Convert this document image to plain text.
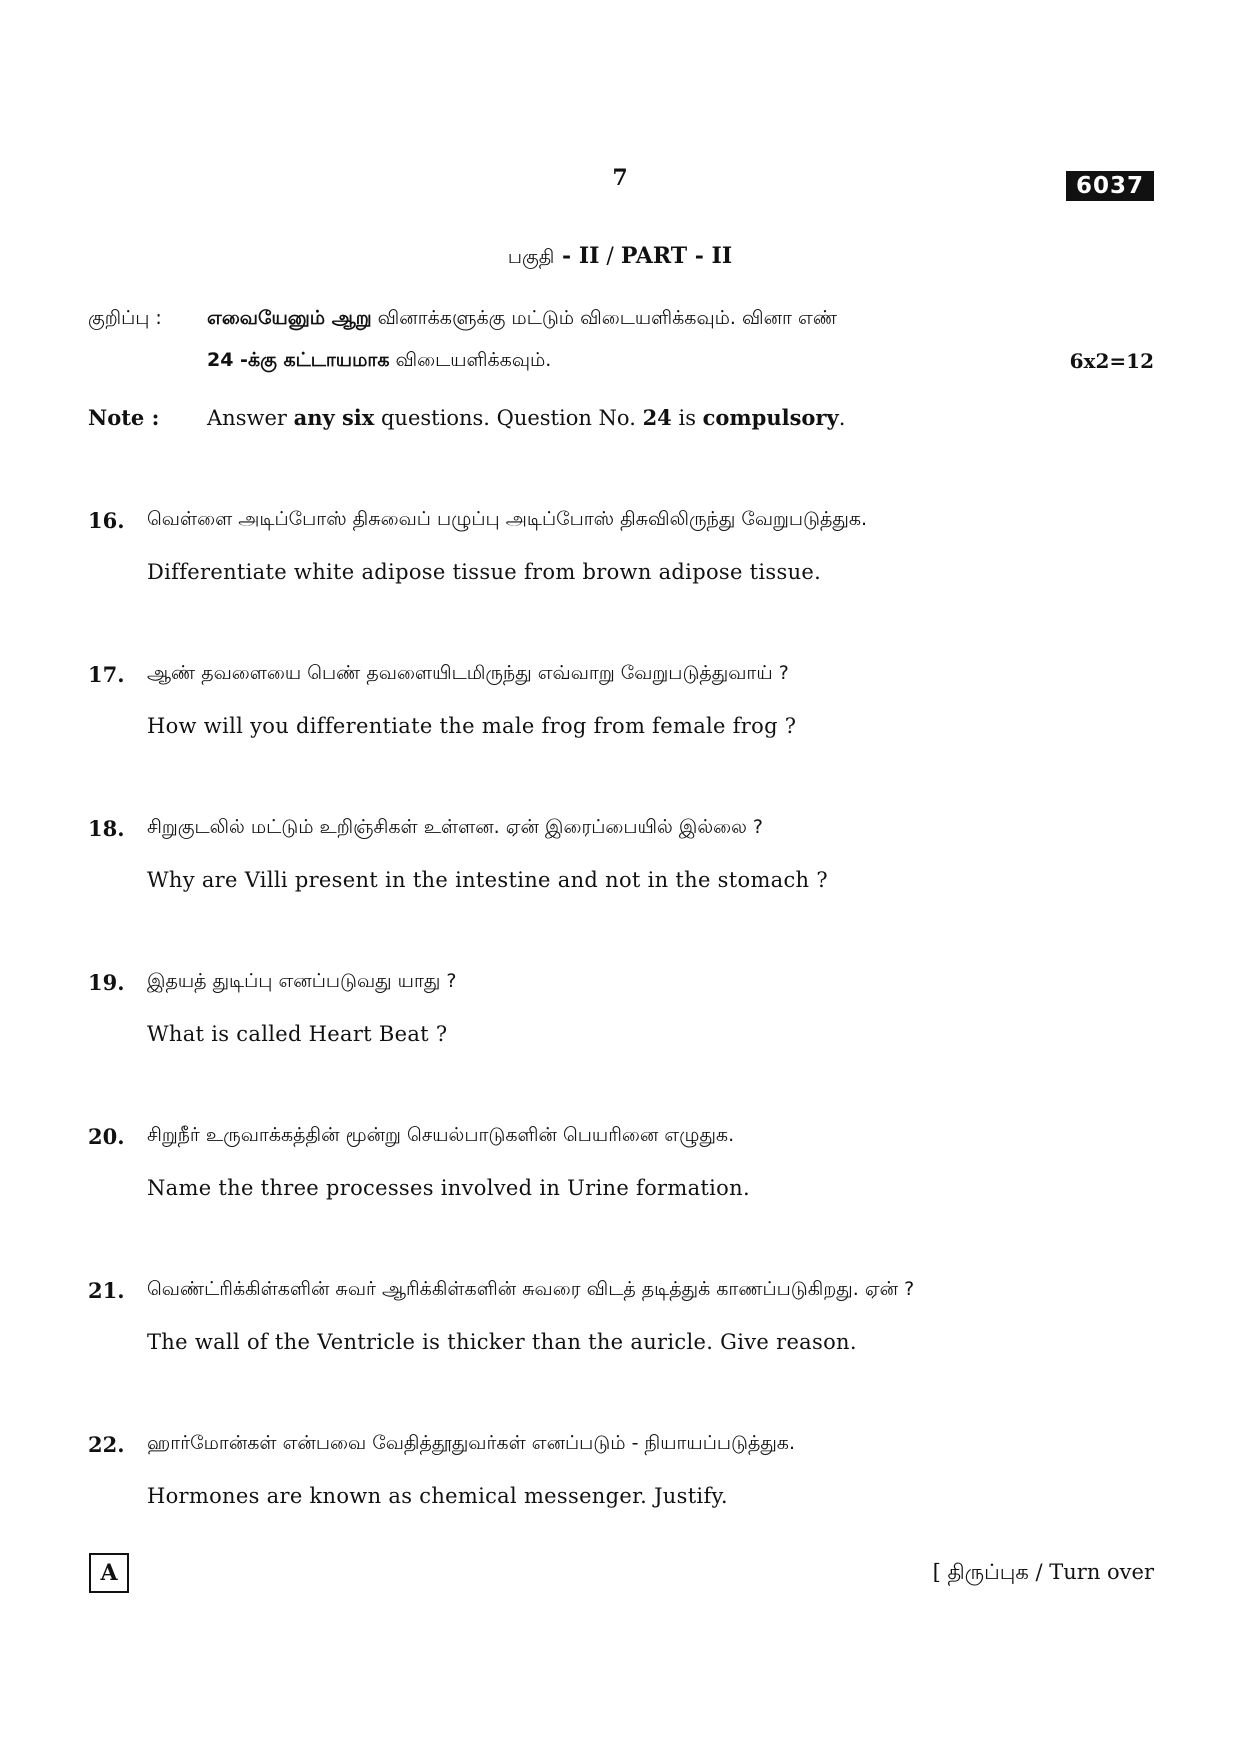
7	6037
பகுதி - II / PART - II
குறிப்பு : எவையேனும் ஆறு வினாக்களுக்கு மட்டும் விடையளிக்கவும். வினா எண்
24 -க்கு கட்டாயமாக விடையளிக்கவும்.	6x2=12
Note : Answer any six questions. Question No. 24 is compulsory.
16. வெள்ளை அடிப்போஸ் திசுவைப் பழுப்பு அடிப்போஸ் திசுவிலிருந்து வேறுபடுத்துக.
Differentiate white adipose tissue from brown adipose tissue.
17. ஆண் தவளையை பெண் தவளையிடமிருந்து எவ்வாறு வேறுபடுத்துவாய் ?
How will you differentiate the male frog from female frog ?
18. சிறுகுடலில் மட்டும் உறிஞ்சிகள் உள்ளன. ஏன் இரைப்பையில் இல்லை ?
Why are Villi present in the intestine and not in the stomach ?
19. இதயத் துடிப்பு எனப்படுவது யாது ?
What is called Heart Beat ?
20. சிறுநீர் உருவாக்கத்தின் மூன்று செயல்பாடுகளின் பெயரினை எழுதுக.
Name the three processes involved in Urine formation.
21. வெண்ட்ரிக்கிள்களின் சுவர் ஆரிக்கிள்களின் சுவரை விடத் தடித்துக் காணப்படுகிறது. ஏன் ?
The wall of the Ventricle is thicker than the auricle. Give reason.
22. ஹார்மோன்கள் என்பவை வேதித்தூதுவர்கள் எனப்படும் - நியாயப்படுத்துக.
Hormones are known as chemical messenger. Justify.
A	[ திருப்புக / Turn over
